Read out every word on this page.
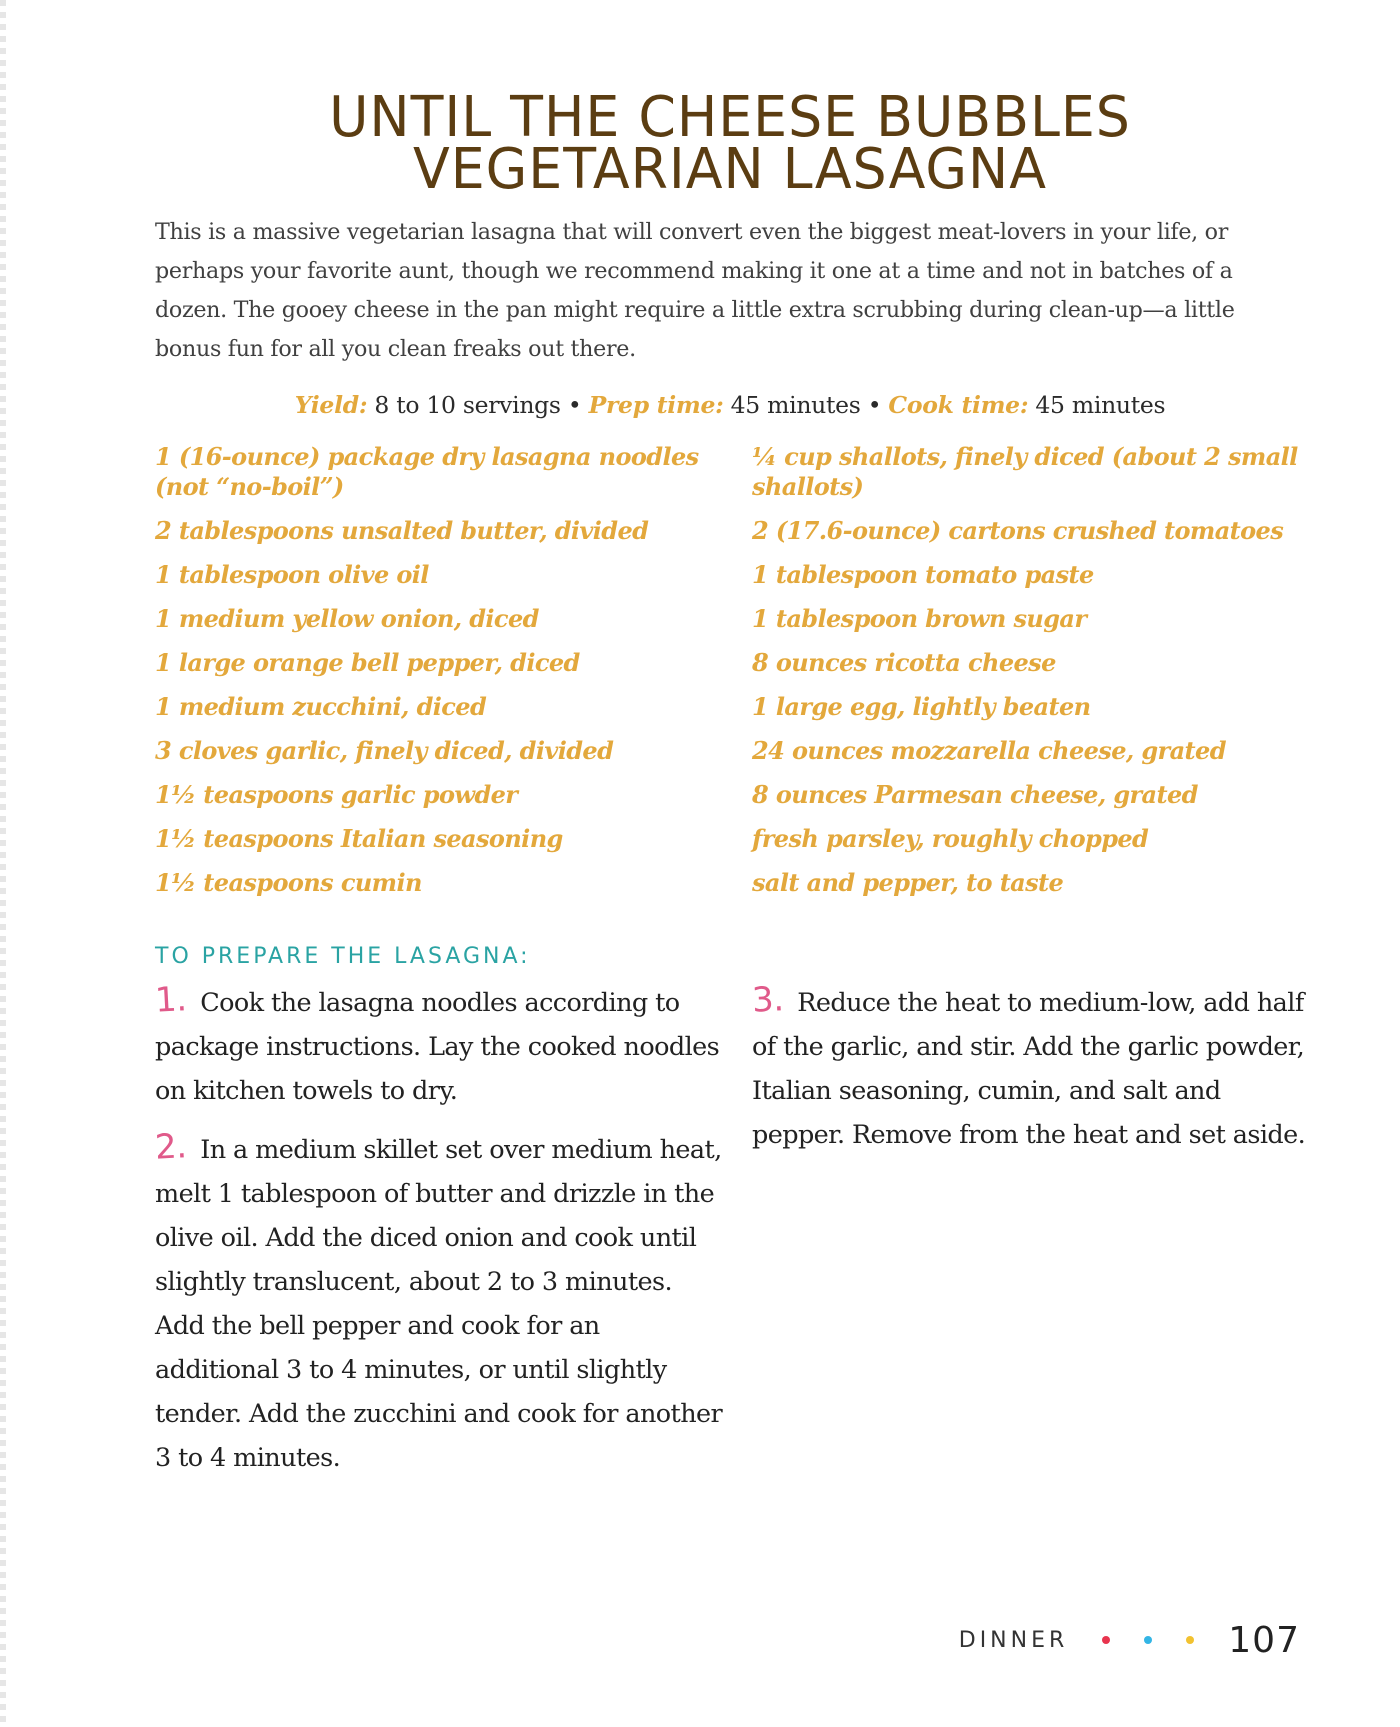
UNTIL THE CHEESE BUBBLES
VEGETARIAN LASAGNA

This is a massive vegetarian lasagna that will convert even the biggest meat-lovers in your life, or perhaps your favorite aunt, though we recommend making it one at a time and not in batches of a dozen. The gooey cheese in the pan might require a little extra scrubbing during clean-up—a little bonus fun for all you clean freaks out there.

Yield: 8 to 10 servings • Prep time: 45 minutes • Cook time: 45 minutes
1 (16-ounce) package dry lasagna noodles (not “no-boil”)
2 tablespoons unsalted butter, divided
1 tablespoon olive oil
1 medium yellow onion, diced
1 large orange bell pepper, diced
1 medium zucchini, diced
3 cloves garlic, finely diced, divided
1½ teaspoons garlic powder
1½ teaspoons Italian seasoning
1½ teaspoons cumin
¼ cup shallots, finely diced (about 2 small shallots)
2 (17.6-ounce) cartons crushed tomatoes
1 tablespoon tomato paste
1 tablespoon brown sugar
8 ounces ricotta cheese
1 large egg, lightly beaten
24 ounces mozzarella cheese, grated
8 ounces Parmesan cheese, grated
fresh parsley, roughly chopped
salt and pepper, to taste
TO PREPARE THE LASAGNA:

1. Cook the lasagna noodles according to package instructions. Lay the cooked noodles on kitchen towels to dry.

2. In a medium skillet set over medium heat, melt 1 tablespoon of butter and drizzle in the olive oil. Add the diced onion and cook until slightly translucent, about 2 to 3 minutes. Add the bell pepper and cook for an additional 3 to 4 minutes, or until slightly tender. Add the zucchini and cook for another 3 to 4 minutes.

3. Reduce the heat to medium-low, add half of the garlic, and stir. Add the garlic powder, Italian seasoning, cumin, and salt and pepper. Remove from the heat and set aside.

DINNER	107
